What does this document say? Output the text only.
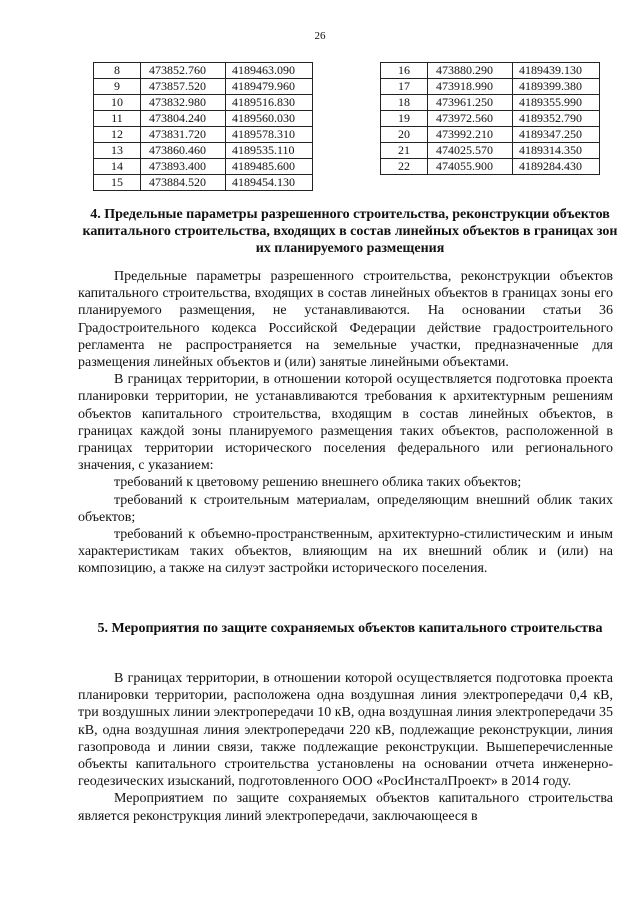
26
8	473852.760	4189463.090
9	473857.520	4189479.960
10	473832.980	4189516.830
11	473804.240	4189560.030
12	473831.720	4189578.310
13	473860.460	4189535.110
14	473893.400	4189485.600
15	473884.520	4189454.130
16	473880.290	4189439.130
17	473918.990	4189399.380
18	473961.250	4189355.990
19	473972.560	4189352.790
20	473992.210	4189347.250
21	474025.570	4189314.350
22	474055.900	4189284.430
4. Предельные параметры разрешенного строительства, реконструкции объектов капитального строительства, входящих в состав линейных объектов в границах зон их планируемого размещения

Предельные параметры разрешенного строительства, реконструкции объектов капитального строительства, входящих в состав линейных объектов в границах зоны его планируемого размещения, не устанавливаются. На основании статьи 36 Градостроительного кодекса Российской Федерации действие градостроительного регламента не распространяется на земельные участки, предназначенные для размещения линейных объектов и (или) занятые линейными объектами.

В границах территории, в отношении которой осуществляется подготовка проекта планировки территории, не устанавливаются требования к архитектурным решениям объектов капитального строительства, входящим в состав линейных объектов, в границах каждой зоны планируемого размещения таких объектов, расположенной в границах территории исторического поселения федерального или регионального значения, с указанием:

требований к цветовому решению внешнего облика таких объектов;

требований к строительным материалам, определяющим внешний облик таких объектов;

требований к объемно-пространственным, архитектурно-стилистическим и иным характеристикам таких объектов, влияющим на их внешний облик и (или) на композицию, а также на силуэт застройки исторического поселения.

5. Мероприятия по защите сохраняемых объектов капитального строительства

В границах территории, в отношении которой осуществляется подготовка проекта планировки территории, расположена одна воздушная линия электропередачи 0,4 кВ, три воздушных линии электропередачи 10 кВ, одна воздушная линия электропередачи 35 кВ, одна воздушная линия электропередачи 220 кВ, подлежащие реконструкции, линия газопровода и линии связи, также подлежащие реконструкции. Вышеперечисленные объекты капитального строительства установлены на основании отчета инженерно-геодезических изысканий, подготовленного ООО «РосИнсталПроект» в 2014 году.

Мероприятием по защите сохраняемых объектов капитального строительства является реконструкция линий электропередачи, заключающееся в
